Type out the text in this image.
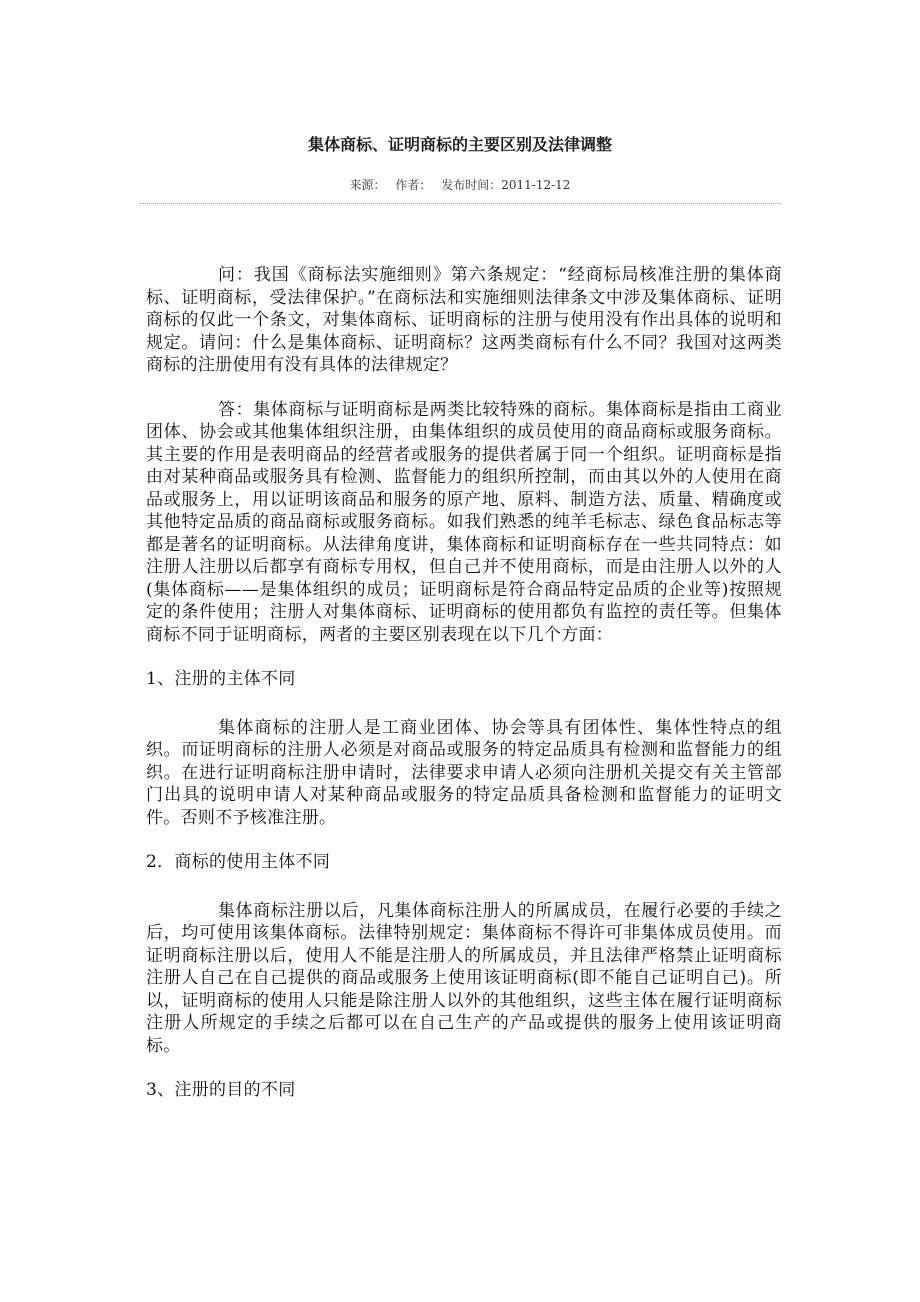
集体商标、证明商标的主要区别及法律调整
来源： 作者： 发布时间：2011-12-12

问：我国《商标法实施细则》第六条规定：“经商标局核准注册的集体商标、证明商标，受法律保护。”在商标法和实施细则法律条文中涉及集体商标、证明商标的仅此一个条文，对集体商标、证明商标的注册与使用没有作出具体的说明和规定。请问：什么是集体商标、证明商标？这两类商标有什么不同？我国对这两类商标的注册使用有没有具体的法律规定？

答：集体商标与证明商标是两类比较特殊的商标。集体商标是指由工商业团体、协会或其他集体组织注册，由集体组织的成员使用的商品商标或服务商标。其主要的作用是表明商品的经营者或服务的提供者属于同一个组织。证明商标是指由对某种商品或服务具有检测、监督能力的组织所控制，而由其以外的人使用在商品或服务上，用以证明该商品和服务的原产地、原料、制造方法、质量、精确度或其他特定品质的商品商标或服务商标。如我们熟悉的纯羊毛标志、绿色食品标志等都是著名的证明商标。从法律角度讲，集体商标和证明商标存在一些共同特点：如注册人注册以后都享有商标专用权，但自己并不使用商标，而是由注册人以外的人(集体商标——是集体组织的成员；证明商标是符合商品特定品质的企业等)按照规定的条件使用；注册人对集体商标、证明商标的使用都负有监控的责任等。但集体商标不同于证明商标，两者的主要区别表现在以下几个方面：

1、注册的主体不同

集体商标的注册人是工商业团体、协会等具有团体性、集体性特点的组织。而证明商标的注册人必须是对商品或服务的特定品质具有检测和监督能力的组织。在进行证明商标注册申请时，法律要求申请人必须向注册机关提交有关主管部门出具的说明申请人对某种商品或服务的特定品质具备检测和监督能力的证明文件。否则不予核准注册。

2．商标的使用主体不同

集体商标注册以后，凡集体商标注册人的所属成员，在履行必要的手续之后，均可使用该集体商标。法律特别规定：集体商标不得许可非集体成员使用。而证明商标注册以后，使用人不能是注册人的所属成员，并且法律严格禁止证明商标注册人自己在自己提供的商品或服务上使用该证明商标(即不能自己证明自己)。所以，证明商标的使用人只能是除注册人以外的其他组织，这些主体在履行证明商标注册人所规定的手续之后都可以在自己生产的产品或提供的服务上使用该证明商标。

3、注册的目的不同
